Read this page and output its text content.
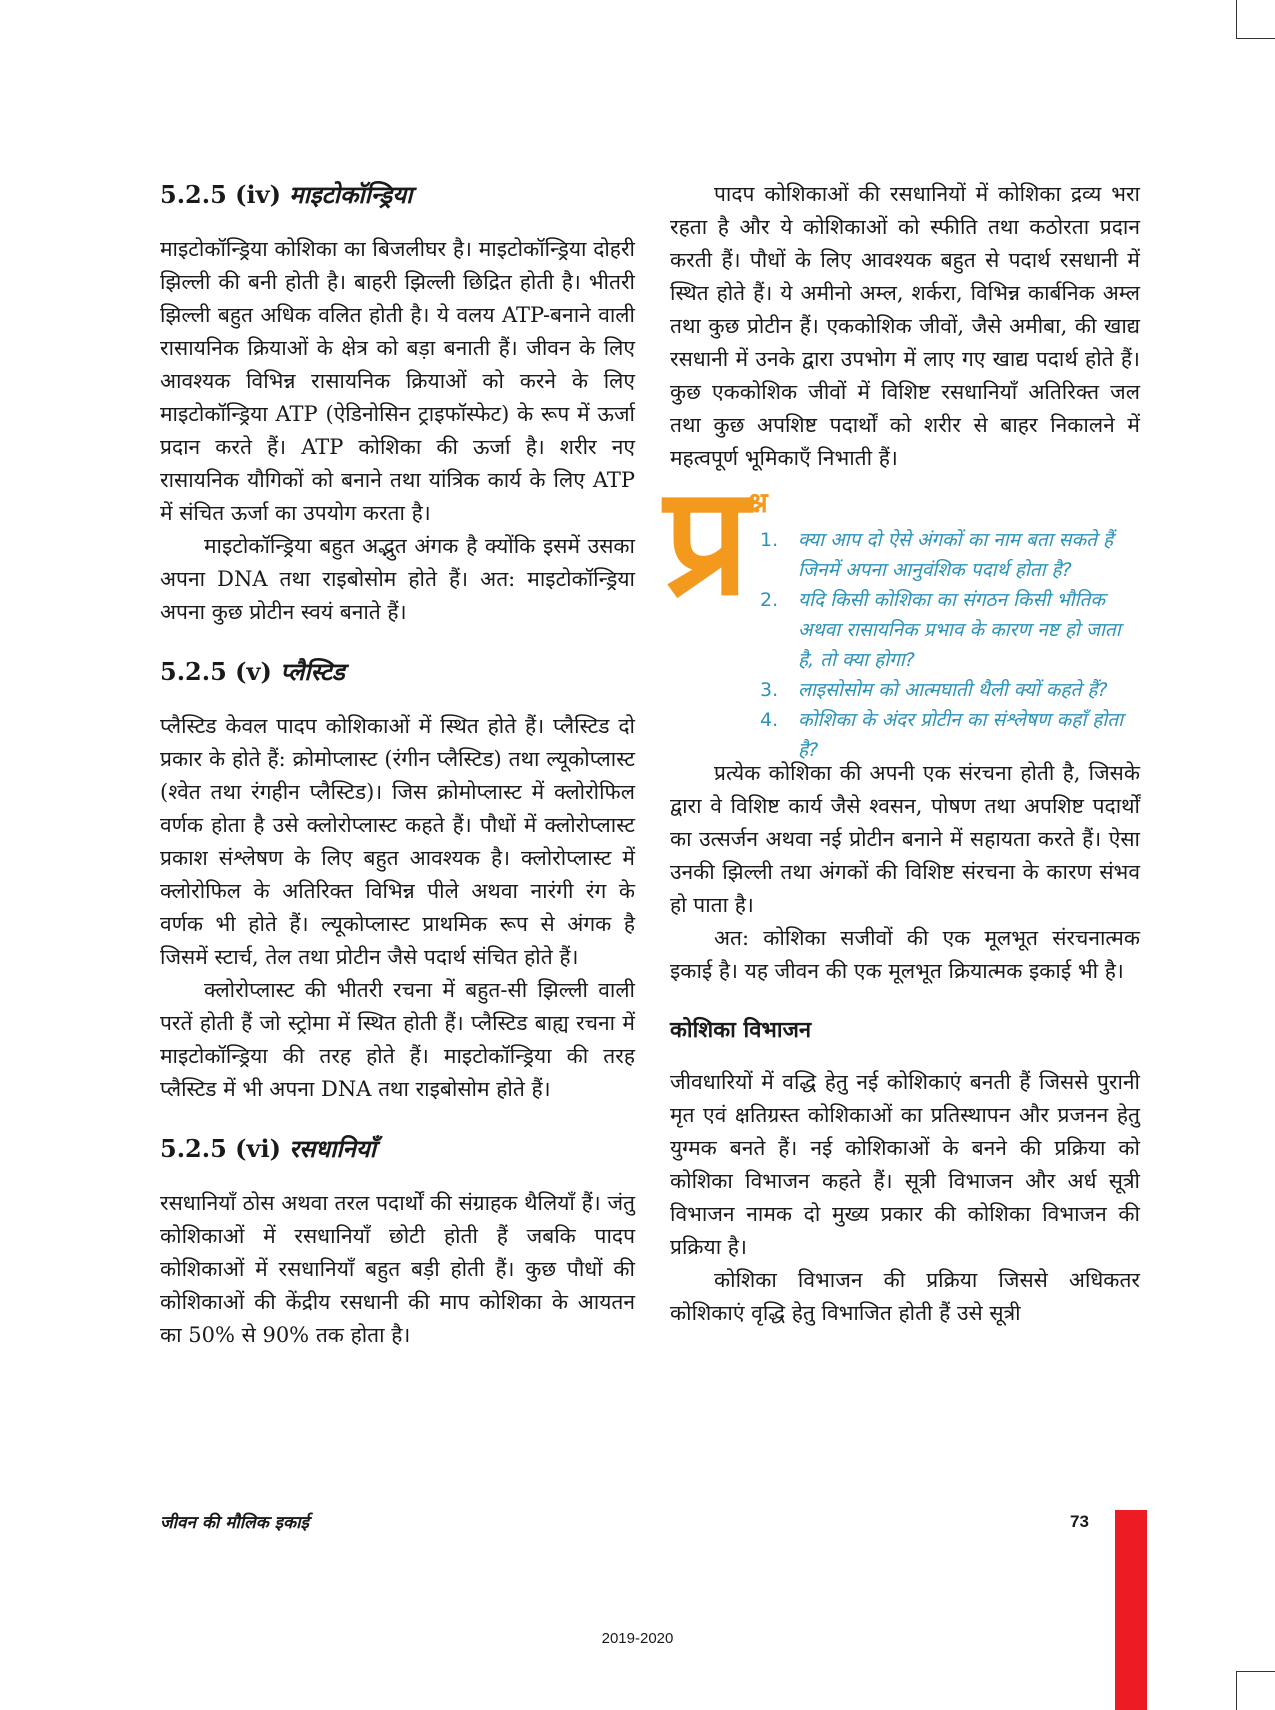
5.2.5 (iv) माइटोकॉन्ड्रिया

माइटोकॉन्ड्रिया कोशिका का बिजलीघर है। माइटोकॉन्ड्रिया दोहरी झिल्ली की बनी होती है। बाहरी झिल्ली छिद्रित होती है। भीतरी झिल्ली बहुत अधिक वलित होती है। ये वलय ATP-बनाने वाली रासायनिक क्रियाओं के क्षेत्र को बड़ा बनाती हैं। जीवन के लिए आवश्यक विभिन्न रासायनिक क्रियाओं को करने के लिए माइटोकॉन्ड्रिया ATP (ऐडिनोसिन ट्राइफॉस्फेट) के रूप में ऊर्जा प्रदान करते हैं। ATP कोशिका की ऊर्जा है। शरीर नए रासायनिक यौगिकों को बनाने तथा यांत्रिक कार्य के लिए ATP में संचित ऊर्जा का उपयोग करता है।

माइटोकॉन्ड्रिया बहुत अद्भुत अंगक है क्योंकि इसमें उसका अपना DNA तथा राइबोसोम होते हैं। अत: माइटोकॉन्ड्रिया अपना कुछ प्रोटीन स्वयं बनाते हैं।

5.2.5 (v) प्लैस्टिड

प्लैस्टिड केवल पादप कोशिकाओं में स्थित होते हैं। प्लैस्टिड दो प्रकार के होते हैं: क्रोमोप्लास्ट (रंगीन प्लैस्टिड) तथा ल्यूकोप्लास्ट (श्वेत तथा रंगहीन प्लैस्टिड)। जिस क्रोमोप्लास्ट में क्लोरोफिल वर्णक होता है उसे क्लोरोप्लास्ट कहते हैं। पौधों में क्लोरोप्लास्ट प्रकाश संश्लेषण के लिए बहुत आवश्यक है। क्लोरोप्लास्ट में क्लोरोफिल के अतिरिक्त विभिन्न पीले अथवा नारंगी रंग के वर्णक भी होते हैं। ल्यूकोप्लास्ट प्राथमिक रूप से अंगक है जिसमें स्टार्च, तेल तथा प्रोटीन जैसे पदार्थ संचित होते हैं।

क्लोरोप्लास्ट की भीतरी रचना में बहुत-सी झिल्ली वाली परतें होती हैं जो स्ट्रोमा में स्थित होती हैं। प्लैस्टिड बाह्य रचना में माइटोकॉन्ड्रिया की तरह होते हैं। माइटोकॉन्ड्रिया की तरह प्लैस्टिड में भी अपना DNA तथा राइबोसोम होते हैं।

5.2.5 (vi) रसधानियाँ

रसधानियाँ ठोस अथवा तरल पदार्थों की संग्राहक थैलियाँ हैं। जंतु कोशिकाओं में रसधानियाँ छोटी होती हैं जबकि पादप कोशिकाओं में रसधानियाँ बहुत बड़ी होती हैं। कुछ पौधों की कोशिकाओं की केंद्रीय रसधानी की माप कोशिका के आयतन का 50% से 90% तक होता है।

पादप कोशिकाओं की रसधानियों में कोशिका द्रव्य भरा रहता है और ये कोशिकाओं को स्फीति तथा कठोरता प्रदान करती हैं। पौधों के लिए आवश्यक बहुत से पदार्थ रसधानी में स्थित होते हैं। ये अमीनो अम्ल, शर्करा, विभिन्न कार्बनिक अम्ल तथा कुछ प्रोटीन हैं। एककोशिक जीवों, जैसे अमीबा, की खाद्य रसधानी में उनके द्वारा उपभोग में लाए गए खाद्य पदार्थ होते हैं। कुछ एककोशिक जीवों में विशिष्ट रसधानियाँ अतिरिक्त जल तथा कुछ अपशिष्ट पदार्थों को शरीर से बाहर निकालने में महत्वपूर्ण भूमिकाएँ निभाती हैं।

प्र
श्न
1. क्या आप दो ऐसे अंगकों का नाम बता सकते हैं जिनमें अपना आनुवंशिक पदार्थ होता है?
2. यदि किसी कोशिका का संगठन किसी भौतिक अथवा रासायनिक प्रभाव के कारण नष्ट हो जाता है, तो क्या होगा?
3. लाइसोसोम को आत्मघाती थैली क्यों कहते हैं?
4. कोशिका के अंदर प्रोटीन का संश्लेषण कहाँ होता है?

प्रत्येक कोशिका की अपनी एक संरचना होती है, जिसके द्वारा वे विशिष्ट कार्य जैसे श्वसन, पोषण तथा अपशिष्ट पदार्थों का उत्सर्जन अथवा नई प्रोटीन बनाने में सहायता करते हैं। ऐसा उनकी झिल्ली तथा अंगकों की विशिष्ट संरचना के कारण संभव हो पाता है।

अत: कोशिका सजीवों की एक मूलभूत संरचनात्मक इकाई है। यह जीवन की एक मूलभूत क्रियात्मक इकाई भी है।

कोशिका विभाजन

जीवधारियों में वद्धि हेतु नई कोशिकाएं बनती हैं जिससे पुरानी मृत एवं क्षतिग्रस्त कोशिकाओं का प्रतिस्थापन और प्रजनन हेतु युग्मक बनते हैं। नई कोशिकाओं के बनने की प्रक्रिया को कोशिका विभाजन कहते हैं। सूत्री विभाजन और अर्ध सूत्री विभाजन नामक दो मुख्य प्रकार की कोशिका विभाजन की प्रक्रिया है।

कोशिका विभाजन की प्रक्रिया जिससे अधिकतर कोशिकाएं वृद्धि हेतु विभाजित होती हैं उसे सूत्री

जीवन की मौलिक इकाई	73
2019-2020
